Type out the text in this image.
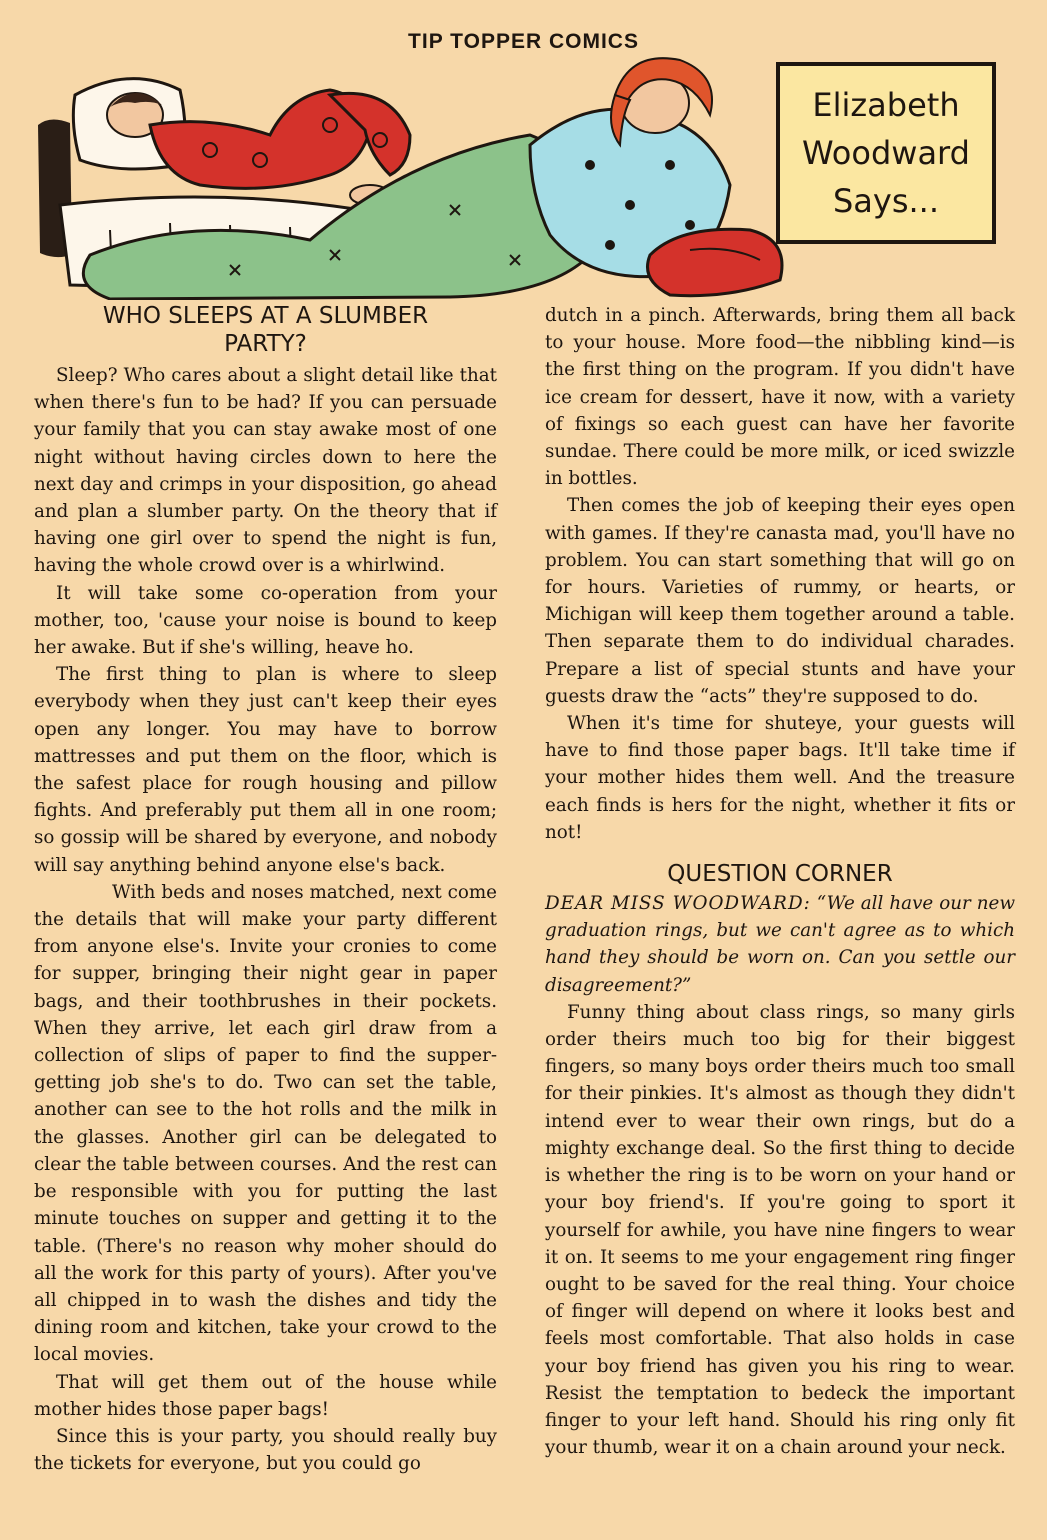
TIP TOPPER COMICS
Elizabeth
Woodward
Says...
WHO SLEEPS AT A SLUMBER
PARTY?

Sleep? Who cares about a slight detail like that when there's fun to be had? If you can persuade your family that you can stay awake most of one night without having circles down to here the next day and crimps in your disposition, go ahead and plan a slumber party. On the theory that if having one girl over to spend the night is fun, having the whole crowd over is a whirlwind.

It will take some co-operation from your mother, too, 'cause your noise is bound to keep her awake. But if she's willing, heave ho.

The first thing to plan is where to sleep everybody when they just can't keep their eyes open any longer. You may have to borrow mattresses and put them on the floor, which is the safest place for rough housing and pillow fights. And preferably put them all in one room; so gossip will be shared by everyone, and nobody will say anything behind anyone else's back.

With beds and noses matched, next come the details that will make your party different from anyone else's. Invite your cronies to come for supper, bringing their night gear in paper bags, and their toothbrushes in their pockets. When they arrive, let each girl draw from a collection of slips of paper to find the supper-getting job she's to do. Two can set the table, another can see to the hot rolls and the milk in the glasses. Another girl can be delegated to clear the table between courses. And the rest can be responsible with you for putting the last minute touches on supper and getting it to the table. (There's no reason why moher should do all the work for this party of yours). After you've all chipped in to wash the dishes and tidy the dining room and kitchen, take your crowd to the local movies.

That will get them out of the house while mother hides those paper bags!

Since this is your party, you should really buy the tickets for everyone, but you could go

dutch in a pinch. Afterwards, bring them all back to your house. More food—the nibbling kind—is the first thing on the program. If you didn't have ice cream for dessert, have it now, with a variety of fixings so each guest can have her favorite sundae. There could be more milk, or iced swizzle in bottles.

Then comes the job of keeping their eyes open with games. If they're canasta mad, you'll have no problem. You can start something that will go on for hours. Varieties of rummy, or hearts, or Michigan will keep them together around a table. Then separate them to do individual charades. Prepare a list of special stunts and have your guests draw the “acts” they're supposed to do.

When it's time for shuteye, your guests will have to find those paper bags. It'll take time if your mother hides them well. And the treasure each finds is hers for the night, whether it fits or not!

QUESTION CORNER

DEAR MISS WOODWARD: “We all have our new graduation rings, but we can't agree as to which hand they should be worn on. Can you settle our disagreement?”

Funny thing about class rings, so many girls order theirs much too big for their biggest fingers, so many boys order theirs much too small for their pinkies. It's almost as though they didn't intend ever to wear their own rings, but do a mighty exchange deal. So the first thing to decide is whether the ring is to be worn on your hand or your boy friend's. If you're going to sport it yourself for awhile, you have nine fingers to wear it on. It seems to me your engagement ring finger ought to be saved for the real thing. Your choice of finger will depend on where it looks best and feels most comfortable. That also holds in case your boy friend has given you his ring to wear. Resist the temptation to bedeck the important finger to your left hand. Should his ring only fit your thumb, wear it on a chain around your neck.
